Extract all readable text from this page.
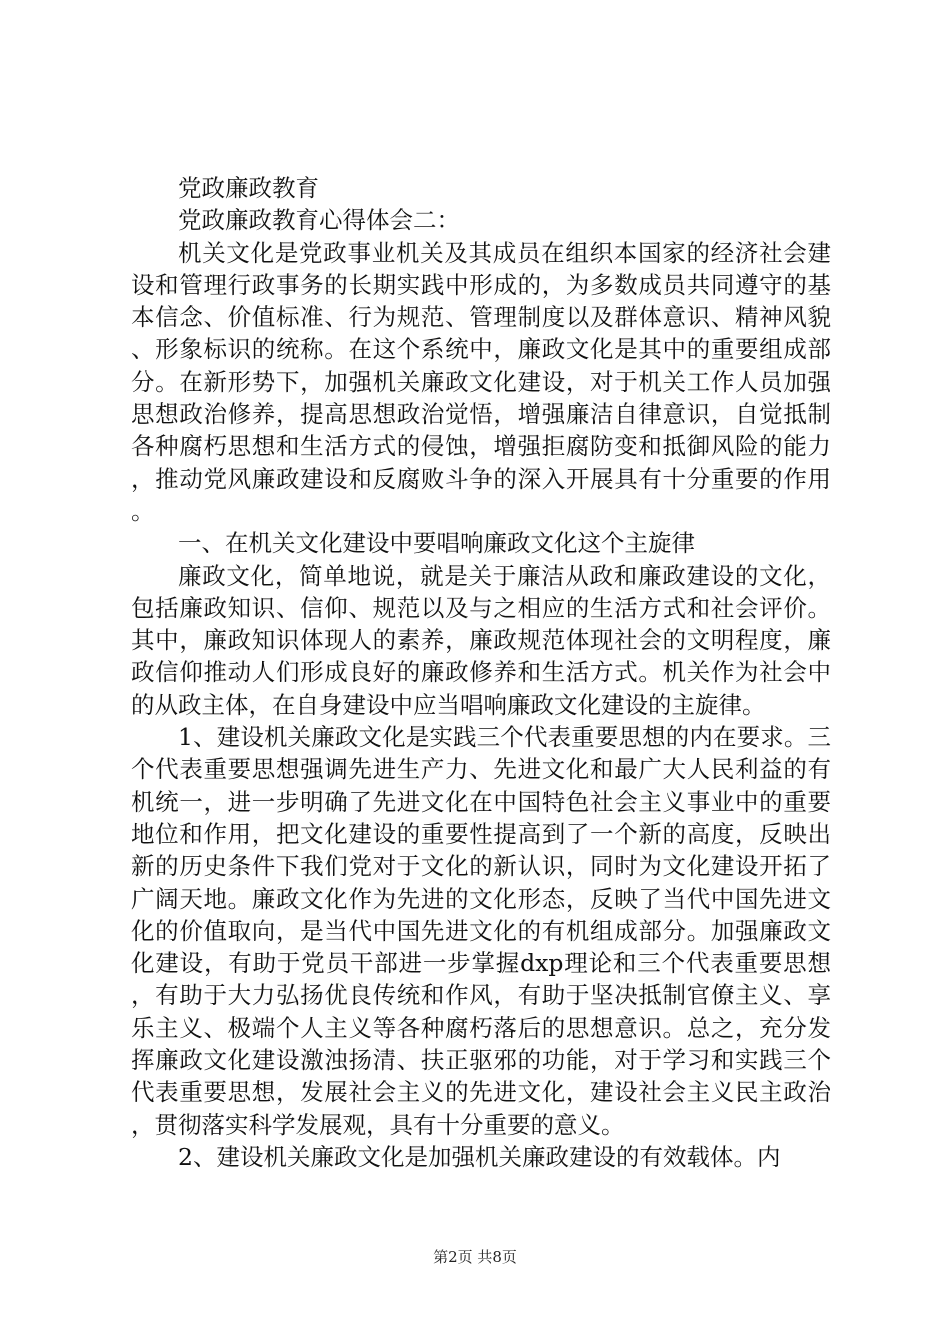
党政廉政教育

党政廉政教育心得体会二：

机关文化是党政事业机关及其成员在组织本国家的经济社会建设和管理行政事务的长期实践中形成的，为多数成员共同遵守的基本信念、价值标准、行为规范、管理制度以及群体意识、精神风貌、形象标识的统称。在这个系统中，廉政文化是其中的重要组成部分。在新形势下，加强机关廉政文化建设，对于机关工作人员加强思想政治修养，提高思想政治觉悟，增强廉洁自律意识，自觉抵制各种腐朽思想和生活方式的侵蚀，增强拒腐防变和抵御风险的能力，推动党风廉政建设和反腐败斗争的深入开展具有十分重要的作用。

一、在机关文化建设中要唱响廉政文化这个主旋律

廉政文化，简单地说，就是关于廉洁从政和廉政建设的文化，包括廉政知识、信仰、规范以及与之相应的生活方式和社会评价。其中，廉政知识体现人的素养，廉政规范体现社会的文明程度，廉政信仰推动人们形成良好的廉政修养和生活方式。机关作为社会中的从政主体，在自身建设中应当唱响廉政文化建设的主旋律。

1、建设机关廉政文化是实践三个代表重要思想的内在要求。三个代表重要思想强调先进生产力、先进文化和最广大人民利益的有机统一，进一步明确了先进文化在中国特色社会主义事业中的重要地位和作用，把文化建设的重要性提高到了一个新的高度，反映出新的历史条件下我们党对于文化的新认识，同时为文化建设开拓了广阔天地。廉政文化作为先进的文化形态，反映了当代中国先进文化的价值取向，是当代中国先进文化的有机组成部分。加强廉政文化建设，有助于党员干部进一步掌握dxp理论和三个代表重要思想，有助于大力弘扬优良传统和作风，有助于坚决抵制官僚主义、享乐主义、极端个人主义等各种腐朽落后的思想意识。总之，充分发挥廉政文化建设激浊扬清、扶正驱邪的功能，对于学习和实践三个代表重要思想，发展社会主义的先进文化，建设社会主义民主政治，贯彻落实科学发展观，具有十分重要的意义。

2、建设机关廉政文化是加强机关廉政建设的有效载体。内

第2页 共8页
